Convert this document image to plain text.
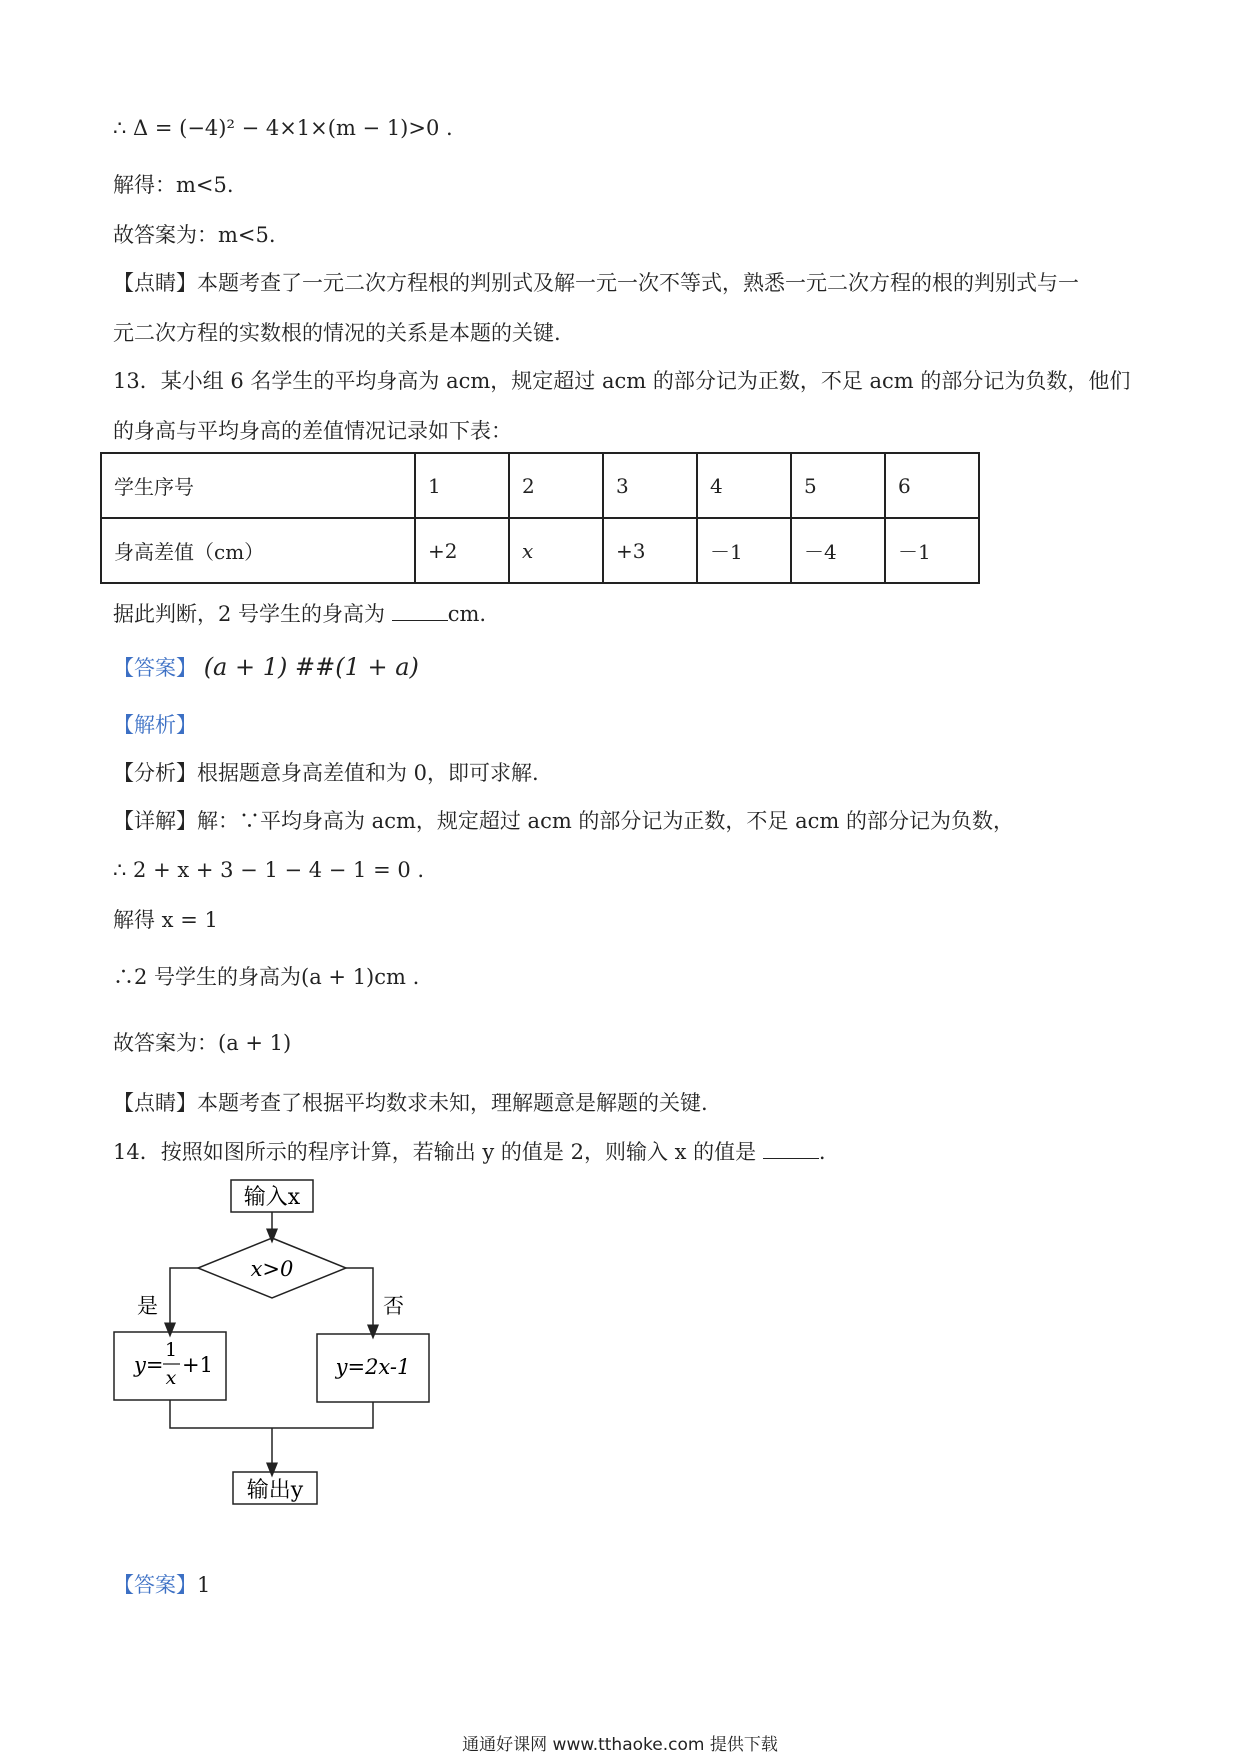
∴ Δ = (−4)² − 4×1×(m − 1)>0 .
解得：m<5.
故答案为：m<5.
【点睛】本题考查了一元二次方程根的判别式及解一元一次不等式，熟悉一元二次方程的根的判别式与一
元二次方程的实数根的情况的关系是本题的关键.
13．某小组 6 名学生的平均身高为 acm，规定超过 acm 的部分记为正数，不足 acm 的部分记为负数，他们
的身高与平均身高的差值情况记录如下表：
学生序号	1	2	3	4	5	6
身高差值（cm）	+2	x	+3	－1	－4	－1
据此判断，2 号学生的身高为	cm.
【答案】 (a + 1) ##(1 + a)
【解析】
【分析】根据题意身高差值和为 0，即可求解.
【详解】解：∵平均身高为 acm，规定超过 acm 的部分记为正数，不足 acm 的部分记为负数，
∴ 2 + x + 3 − 1 − 4 − 1 = 0 .
解得 x = 1
∴2 号学生的身高为(a + 1)cm .
故答案为：(a + 1)
【点睛】本题考查了根据平均数求未知，理解题意是解题的关键.
14．按照如图所示的程序计算，若输出 y 的值是 2，则输入 x 的值是	.
输入x
x>0
是	否
y=
1
x
+1	y=2x-1
输出y
【答案】1
通通好课网 www.tthaoke.com 提供下载
